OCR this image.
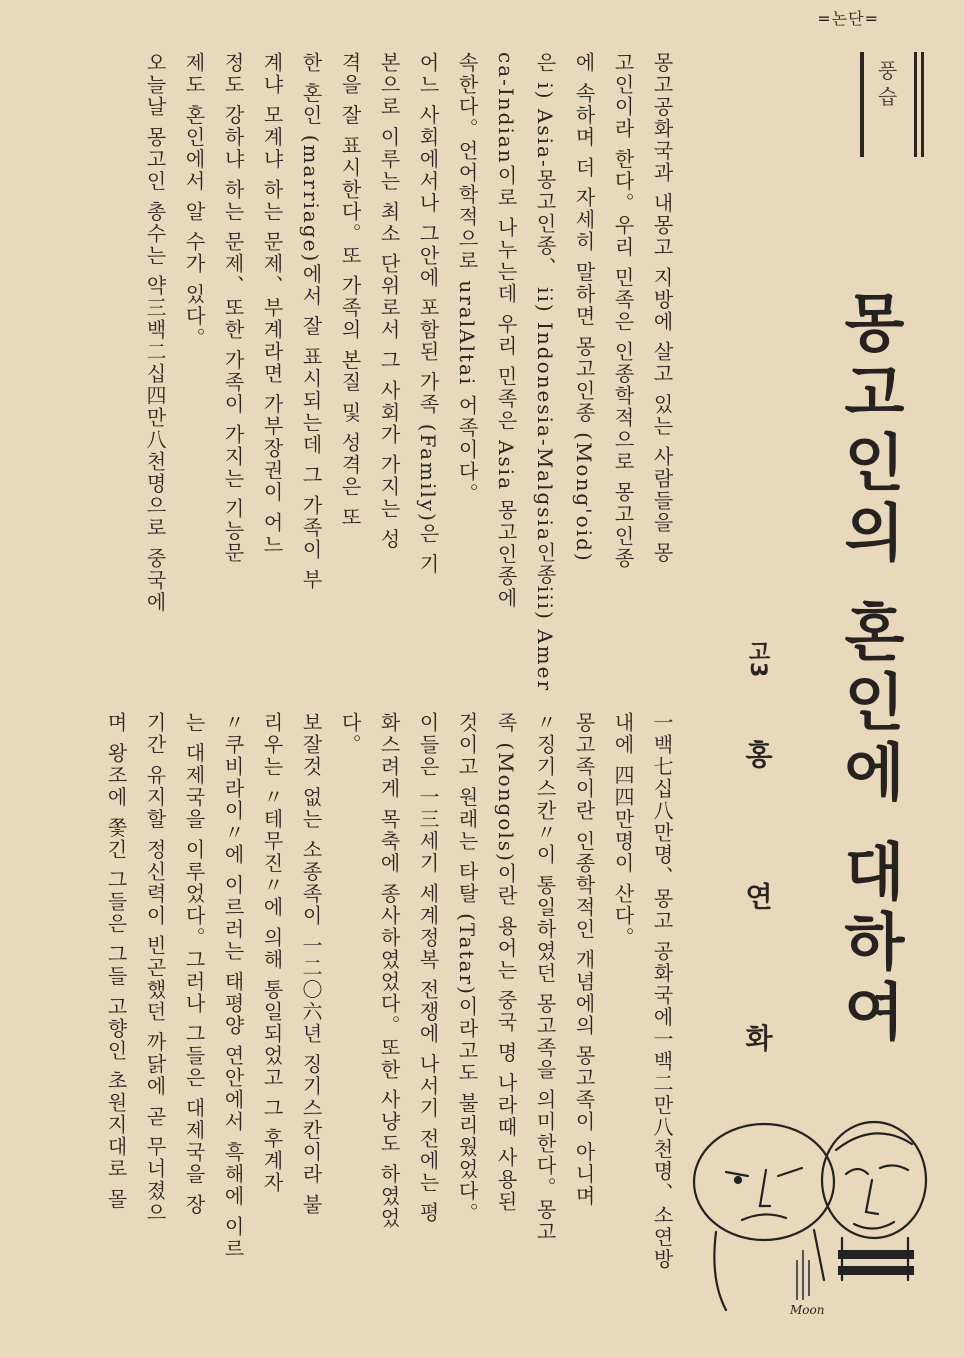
=논단=
풍습
몽고인의 혼인에 대하여
고3
홍 연 화
몽고공화국과 내몽고 지방에 살고 있는 사람들을 몽
고인이라 한다。우리 민족은 인종학적으로 몽고인종
에 속하며 더 자세히 말하면 몽고인종 (Mong'oid)
은 i) Asia-몽고인종、 ii) Indonesia-Malgsia인종iii) Amer
ca-Indian이로 나누는데 우리 민족은 Asia 몽고인종에
속한다。언어학적으로 uralAltai 어족이다。
어느 사회에서나 그안에 포함된 가족 (Family)은 기
본으로 이루는 최소 단위로서 그 사회가 가지는 성
격을 잘 표시한다。또 가족의 본질 및 성격은 또
한 혼인 (marriage)에서 잘 표시되는데 그 가족이 부
계냐 모계냐 하는 문제、부계라면 가부장권이 어느
정도 강하냐 하는 문제、또한 가족이 가지는 기능문
제도 혼인에서 알 수가 있다。
오늘날 몽고인 총수는 약三백二십四만八천명으로 중국에
一백七십八만명、몽고 공화국에一백二만八천명、소연방
내에 四四만명이 산다。
몽고족이란 인종학적인 개념에의 몽고족이 아니며
〃징기스칸〃이 통일하였던 몽고족을 의미한다。몽고
족 (Mongols)이란 용어는 중국 명 나라때 사용된
것이고 원래는 타탈 (Tatar)이라고도 불리웠었다。
이들은 一三세기 세계정복 전쟁에 나서기 전에는 평
화스려게 목축에 종사하였었다。또한 사냥도 하였었
다。
보잘것 없는 소종족이 一二〇六년 징기스칸이라 불
리우는 〃테무진〃에 의해 통일되었고 그 후계자
〃쿠비라이〃에 이르러는 태평양 연안에서 흑해에 이르
는 대제국을 이루었다。그러나 그들은 대제국을 장
기간 유지할 정신력이 빈곤했던 까닭에 곧 무너졌으
며 왕조에 쫓긴 그들은 그들 고향인 초원지대로 몰
Moon
